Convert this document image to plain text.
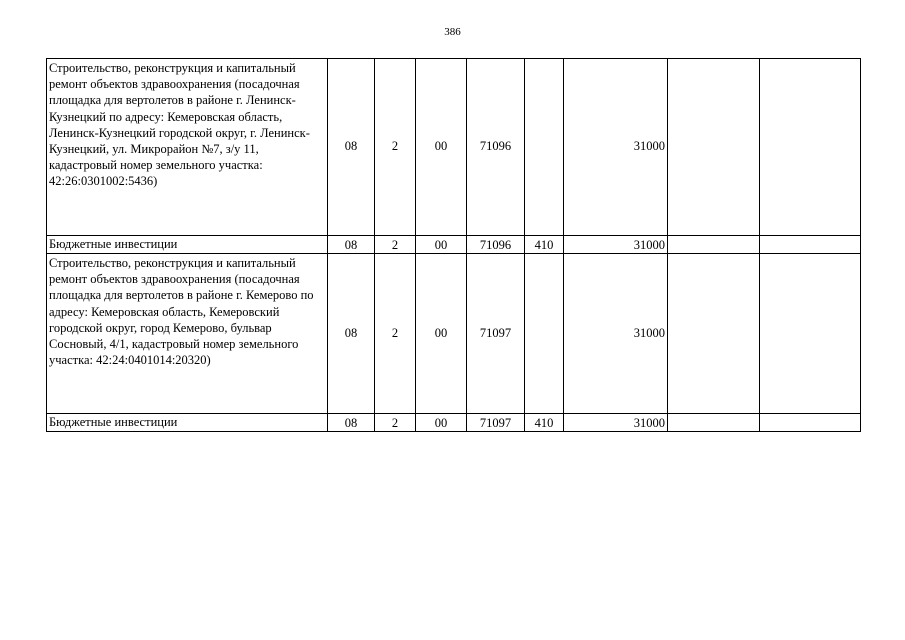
386
Строительство, реконструкция и капитальный ремонт объектов здравоохранения (посадочная площадка для вертолетов в районе г. Ленинск-Кузнецкий по адресу: Кемеровская область, Ленинск-Кузнецкий городской округ, г. Ленинск-Кузнецкий, ул. Микрорайон №7, з/у 11, кадастровый номер земельного участка: 42:26:0301002:5436)	08	2	00	71096		31000		
Бюджетные инвестиции	08	2	00	71096	410	31000		
Строительство, реконструкция и капитальный ремонт объектов здравоохранения (посадочная площадка для вертолетов в районе г. Кемерово по адресу: Кемеровская область, Кемеровский городской округ, город Кемерово, бульвар Сосновый, 4/1, кадастровый номер земельного участка: 42:24:0401014:20320)	08	2	00	71097		31000		
Бюджетные инвестиции	08	2	00	71097	410	31000		
